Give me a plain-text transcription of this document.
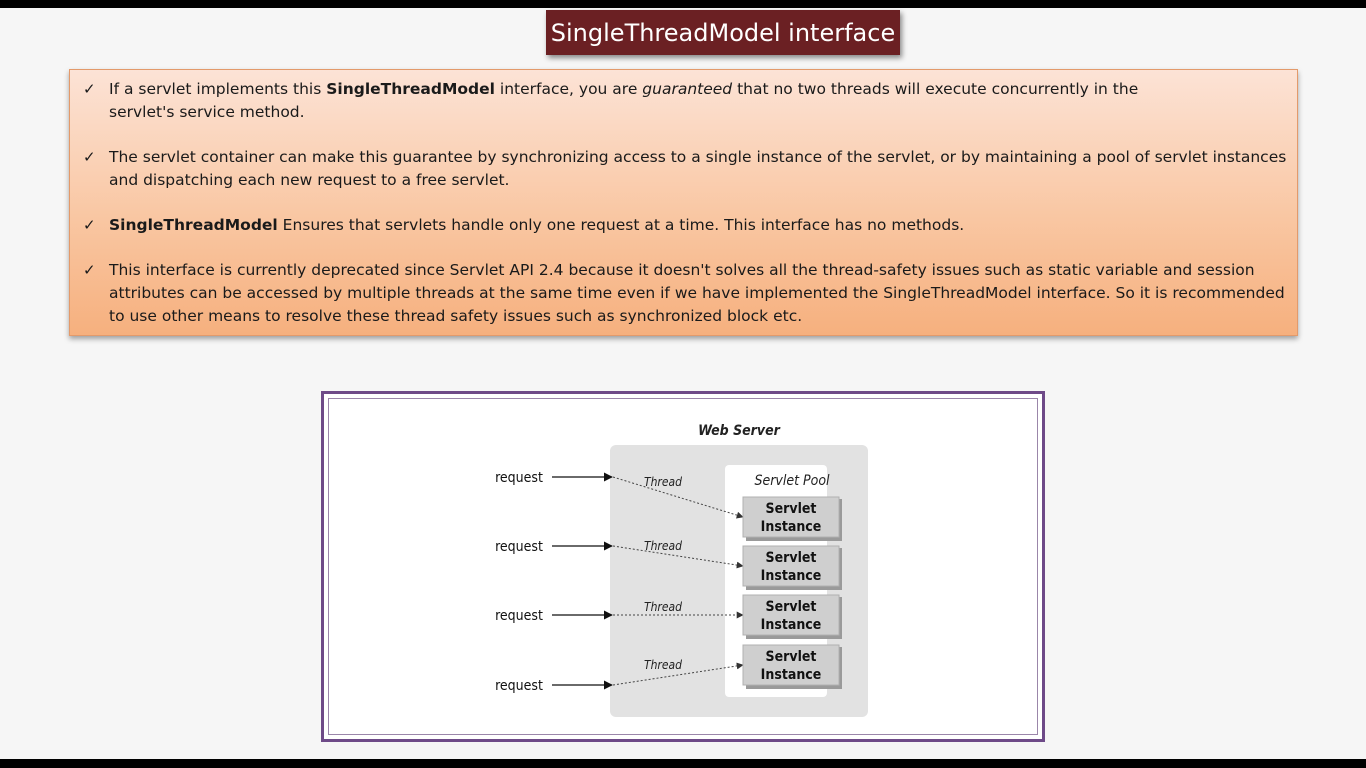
SingleThreadModel interface
✓ If a servlet implements this SingleThreadModel interface, you are guaranteed that no two threads will execute concurrently in the
servlet's service method.
✓ The servlet container can make this guarantee by synchronizing access to a single instance of the servlet, or by maintaining a pool of servlet instances and dispatching each new request to a free servlet.
✓ SingleThreadModel Ensures that servlets handle only one request at a time. This interface has no methods.
✓ This interface is currently deprecated since Servlet API 2.4 because it doesn't solves all the thread-safety issues such as static variable and session attributes can be accessed by multiple threads at the same time even if we have implemented the SingleThreadModel interface. So it is recommended to use other means to resolve these thread safety issues such as synchronized block etc.
Web Server
Servlet Pool
request	Thread
Servlet
Instance
request	Thread
Servlet
Instance
request
Thread	Servlet
Instance
request
Thread	Servlet
Instance
